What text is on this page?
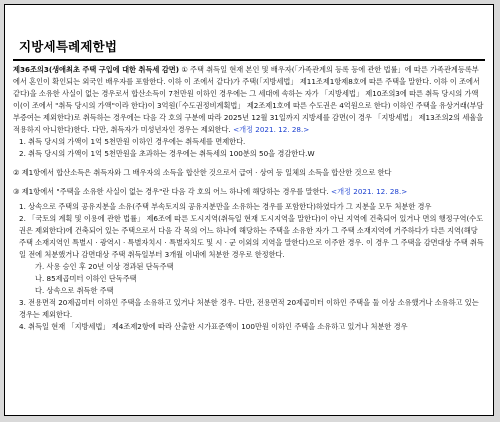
지방세특례제한법

제36조의3(생애최초 주택 구입에 대한 취득세 감면) ① 주택 취득일 현재 본인 및 배우자(「가족관계의 등록 등에 관한 법률」에 따른 가족관계등록부에서 혼인이 확인되는 외국인 배우자를 포함한다. 이하 이 조에서 같다)가 주택(「지방세법」 제11조제1항제8호에 따른 주택을 말한다. 이하 이 조에서 같다)을 소유한 사실이 없는 경우로서 합산소득이 7천만원 이하인 경우에는 그 세대에 속하는 자가 「지방세법」 제10조의3에 따른 취득 당시의 가액이(이 조에서 "취득 당시의 가액"이라 한다)이 3억원(「수도권정비계획법」 제2조제1호에 따른 수도권은 4억원으로 한다) 이하인 주택을 유상거래(부담부증여는 제외한다)로 취득하는 경우에는 다음 각 호의 구분에 따라 2025년 12월 31일까지 지방세를 감면(이 경우 「지방세법」 제13조의2의 세율을 적용하지 아니한다)한다. 다만, 취득자가 미성년자인 경우는 제외한다. <개정 2021. 12. 28.>

1. 취득 당시의 가액이 1억 5천만원 이하인 경우에는 취득세를 면제한다.

2. 취득 당시의 가액이 1억 5천만원을 초과하는 경우에는 취득세의 100분의 50을 경감한다.W

② 제1항에서 합산소득은 취득자와 그 배우자의 소득을 합산한 것으로서 급여 · 상여 등 일체의 소득을 합산한 것으로 한다

③ 제1항에서 "주택을 소유한 사실이 없는 경우"란 다음 각 호의 어느 하나에 해당하는 경우를 말한다. <개정 2021. 12. 28.>

1. 상속으로 주택의 공유지분을 소유(주택 부속토지의 공유지분만을 소유하는 경우를 포함한다)하였다가 그 지분을 모두 처분한 경우

2. 「국토의 계획 및 이용에 관한 법률」 제6조에 따른 도시지역(취득일 현재 도시지역을 말한다)이 아닌 지역에 건축되어 있거나 면의 행정구역(수도권은 제외한다)에 건축되어 있는 주택으로서 다음 각 목의 어느 하나에 해당하는 주택을 소유한 자가 그 주택 소재지역에 거주하다가 다른 지역(해당 주택 소재지역인 특별시 · 광역시 · 특별자치시 · 특별자치도 및 시 · 군 이외의 지역을 말한다)으로 이주한 경우. 이 경우 그 주택을 감면대상 주택 취득일 전에 처분했거나 감면대상 주택 취득일부터 3개월 이내에 처분한 경우로 한정한다.

가. 사용 승인 후 20년 이상 경과된 단독주택

나. 85제곱미터 이하인 단독주택

다. 상속으로 취득한 주택

3. 전용면적 20제곱미터 이하인 주택을 소유하고 있거나 처분한 경우. 다만, 전용면적 20제곱미터 이하인 주택을 둘 이상 소유했거나 소유하고 있는 경우는 제외한다.

4. 취득일 현재 「지방세법」 제4조제2항에 따라 산출한 시가표준액이 100만원 이하인 주택을 소유하고 있거나 처분한 경우
